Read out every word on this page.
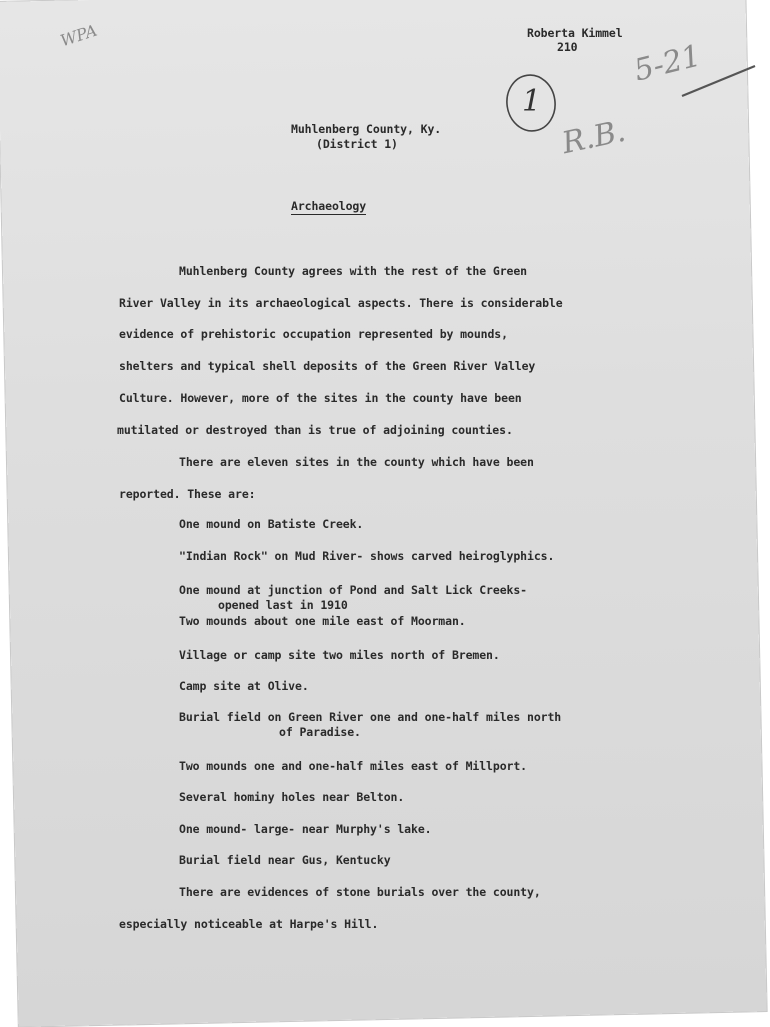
WPA
1
5-21
R.B.
Roberta Kimmel
210
Muhlenberg County, Ky.
(District 1)
Archaeology
Muhlenberg County agrees with the rest of the Green
River Valley in its archaeological aspects. There is considerable
evidence of prehistoric occupation represented by mounds,
shelters and typical shell deposits of the Green River Valley
Culture. However, more of the sites in the county have been
mutilated or destroyed than is true of adjoining counties.
There are eleven sites in the county which have been
reported. These are:
One mound on Batiste Creek.
"Indian Rock" on Mud River- shows carved heiroglyphics.
One mound at junction of Pond and Salt Lick Creeks-
opened last in 1910
Two mounds about one mile east of Moorman.
Village or camp site two miles north of Bremen.
Camp site at Olive.
Burial field on Green River one and one-half miles north
of Paradise.
Two mounds one and one-half miles east of Millport.
Several hominy holes near Belton.
One mound- large- near Murphy's lake.
Burial field near Gus, Kentucky
There are evidences of stone burials over the county,
especially noticeable at Harpe's Hill.
